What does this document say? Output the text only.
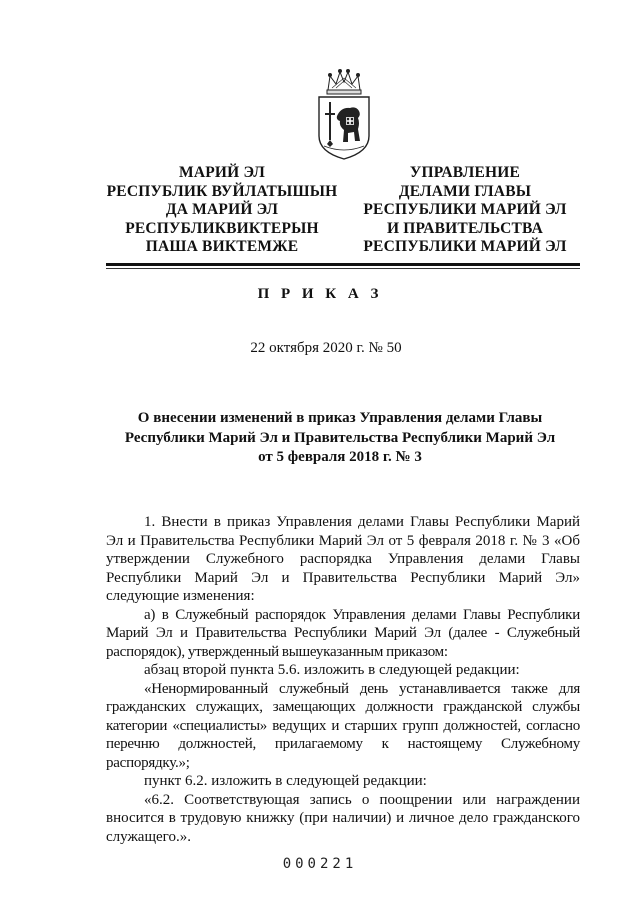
МАРИЙ ЭЛ
РЕСПУБЛИК ВУЙЛАТЫШЫН
ДА МАРИЙ ЭЛ
РЕСПУБЛИКВИКТЕРЫН
ПАША ВИКТЕМЖЕ
УПРАВЛЕНИЕ
ДЕЛАМИ ГЛАВЫ
РЕСПУБЛИКИ МАРИЙ ЭЛ
И ПРАВИТЕЛЬСТВА
РЕСПУБЛИКИ МАРИЙ ЭЛ
П Р И К А З
22 октября 2020 г. № 50
О внесении изменений в приказ Управления делами Главы
Республики Марий Эл и Правительства Республики Марий Эл
от 5 февраля 2018 г. № 3

1. Внести в приказ Управления делами Главы Республики Марий Эл и Правительства Республики Марий Эл от 5 февраля 2018 г. № 3 «Об утверждении Служебного распорядка Управления делами Главы Республики Марий Эл и Правительства Республики Марий Эл» следующие изменения:

а) в Служебный распорядок Управления делами Главы Республики Марий Эл и Правительства Республики Марий Эл (далее - Служебный распорядок), утвержденный вышеуказанным приказом:

абзац второй пункта 5.6. изложить в следующей редакции:

«Ненормированный служебный день устанавливается также для гражданских служащих, замещающих должности гражданской службы категории «специалисты» ведущих и старших групп должностей, согласно перечню должностей, прилагаемому к настоящему Служебному распорядку.»;

пункт 6.2. изложить в следующей редакции:

«6.2. Соответствующая запись о поощрении или награждении вносится в трудовую книжку (при наличии) и личное дело гражданского служащего.».

000221
